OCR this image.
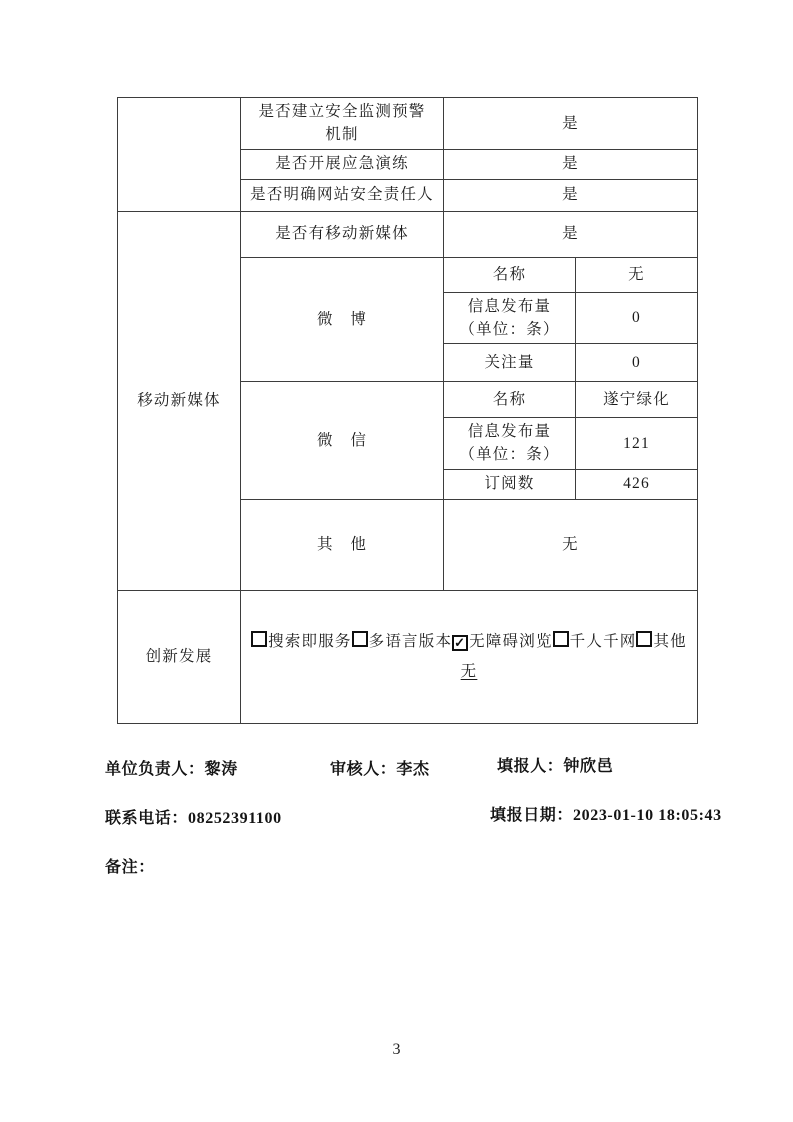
	是否建立安全监测预警
机制	是	
	是否开展应急演练	是	
	是否明确网站安全责任人	是	
移动新媒体	是否有移动新媒体	是	
	微　博	名称	无

		信息发布量
（单位：条）	0
		关注量	0
	微　信	名称	遂宁绿化

		信息发布量
（单位：条）	121
		订阅数	426
	其　他	无	
创新发展	搜索即服务 多语言版本 ✓ 无障碍浏览 千人千网 其他
无		
单位负责人：黎涛	审核人：李杰	填报人：钟欣邑
联系电话：08252391100	填报日期：2023-01-10 18:05:43
备注：
3
